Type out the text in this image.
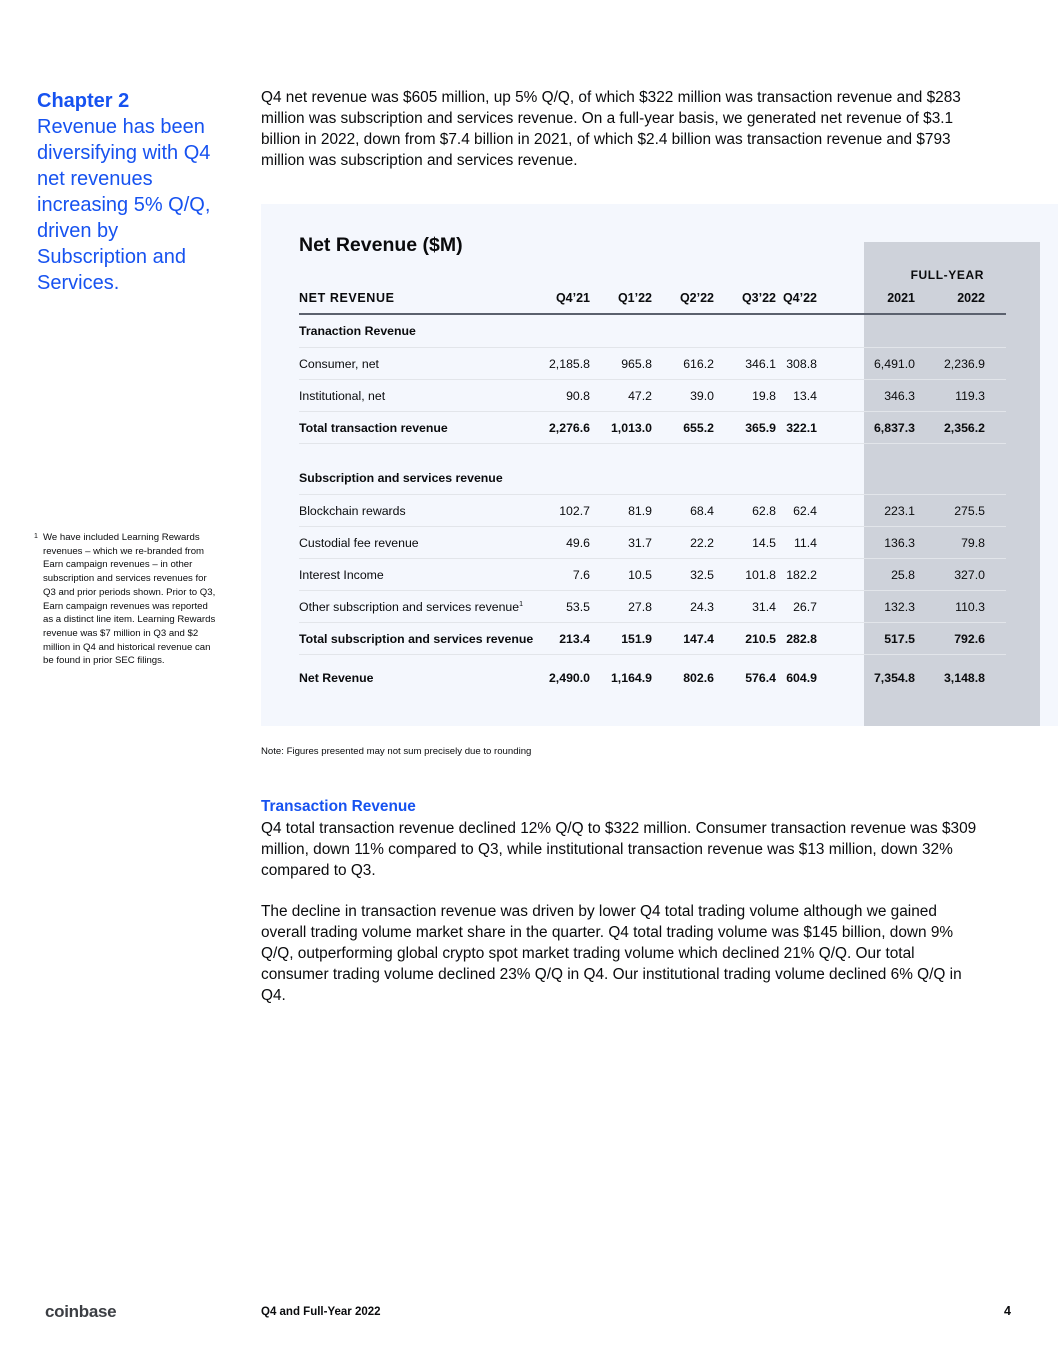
Chapter 2

Revenue has been diversifying with Q4 net revenues increasing 5% Q/Q, driven by Subscription and Services.

1 We have included Learning Rewards revenues – which we re-branded from Earn campaign revenues – in other subscription and services revenues for Q3 and prior periods shown. Prior to Q3, Earn campaign revenues was reported as a distinct line item. Learning Rewards revenue was $7 million in Q3 and $2 million in Q4 and historical revenue can be found in prior SEC filings.

Q4 net revenue was $605 million, up 5% Q/Q, of which $322 million was transaction revenue and $283 million was subscription and services revenue. On a full-year basis, we generated net revenue of $3.1 billion in 2022, down from $7.4 billion in 2021, of which $2.4 billion was transaction revenue and $793 million was subscription and services revenue.

Net Revenue ($M)
FULL-YEAR
NET REVENUE	Q4’21	Q1’22	Q2’22	Q3’22	Q4’22	2021	2022
Tranaction Revenue							
Consumer, net	2,185.8	965.8	616.2	346.1	308.8	6,491.0	2,236.9
Institutional, net	90.8	47.2	39.0	19.8	13.4	346.3	119.3
Total transaction revenue	2,276.6	1,013.0	655.2	365.9	322.1	6,837.3	2,356.2

Subscription and services revenue							
Blockchain rewards	102.7	81.9	68.4	62.8	62.4	223.1	275.5
Custodial fee revenue	49.6	31.7	22.2	14.5	11.4	136.3	79.8
Interest Income	7.6	10.5	32.5	101.8	182.2	25.8	327.0
Other subscription and services revenue$^1$	53.5	27.8	24.3	31.4	26.7	132.3	110.3
Total subscription and services revenue	213.4	151.9	147.4	210.5	282.8	517.5	792.6
Net Revenue	2,490.0	1,164.9	802.6	576.4	604.9	7,354.8	3,148.8

Note: Figures presented may not sum precisely due to rounding

Transaction Revenue

Q4 total transaction revenue declined 12% Q/Q to $322 million. Consumer transaction revenue was $309 million, down 11% compared to Q3, while institutional transaction revenue was $13 million, down 32% compared to Q3.

The decline in transaction revenue was driven by lower Q4 total trading volume although we gained overall trading volume market share in the quarter. Q4 total trading volume was $145 billion, down 9% Q/Q, outperforming global crypto spot market trading volume which declined 21% Q/Q. Our total consumer trading volume declined 23% Q/Q in Q4. Our institutional trading volume declined 6% Q/Q in Q4.

coinbase	Q4 and Full-Year 2022	4
